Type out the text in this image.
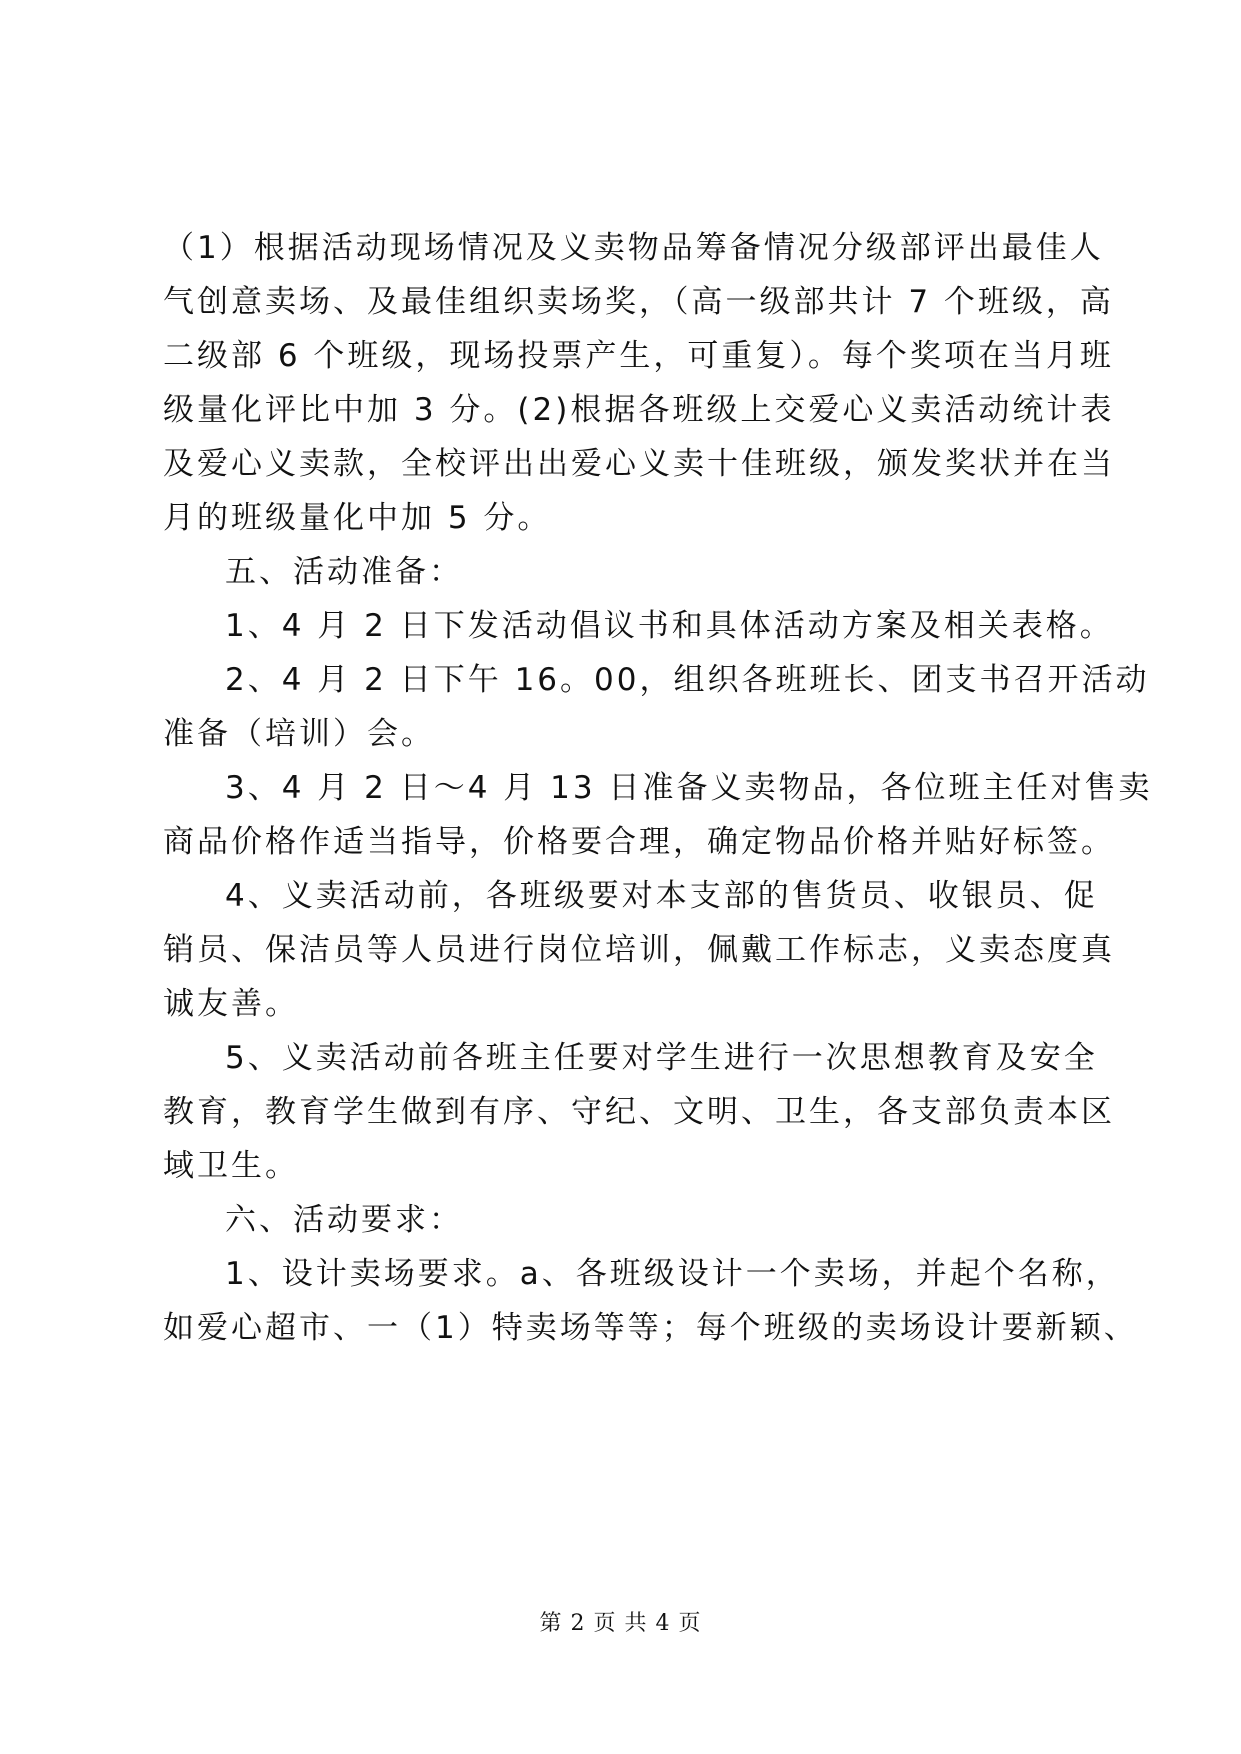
（1）根据活动现场情况及义卖物品筹备情况分级部评出最佳人
气创意卖场、及最佳组织卖场奖，（高一级部共计 7 个班级，高
二级部 6 个班级，现场投票产生，可重复）。每个奖项在当月班
级量化评比中加 3 分。(2)根据各班级上交爱心义卖活动统计表
及爱心义卖款，全校评出出爱心义卖十佳班级，颁发奖状并在当
月的班级量化中加 5 分。
五、活动准备：
1、4 月 2 日下发活动倡议书和具体活动方案及相关表格。
2、4 月 2 日下午 16。00，组织各班班长、团支书召开活动
准备（培训）会。
3、4 月 2 日～4 月 13 日准备义卖物品，各位班主任对售卖
商品价格作适当指导，价格要合理，确定物品价格并贴好标签。
4、义卖活动前，各班级要对本支部的售货员、收银员、促
销员、保洁员等人员进行岗位培训，佩戴工作标志，义卖态度真
诚友善。
5、义卖活动前各班主任要对学生进行一次思想教育及安全
教育，教育学生做到有序、守纪、文明、卫生，各支部负责本区
域卫生。
六、活动要求：
1、设计卖场要求。a、各班级设计一个卖场，并起个名称，
如爱心超市、一（1）特卖场等等；每个班级的卖场设计要新颖、
第 2 页 共 4 页
